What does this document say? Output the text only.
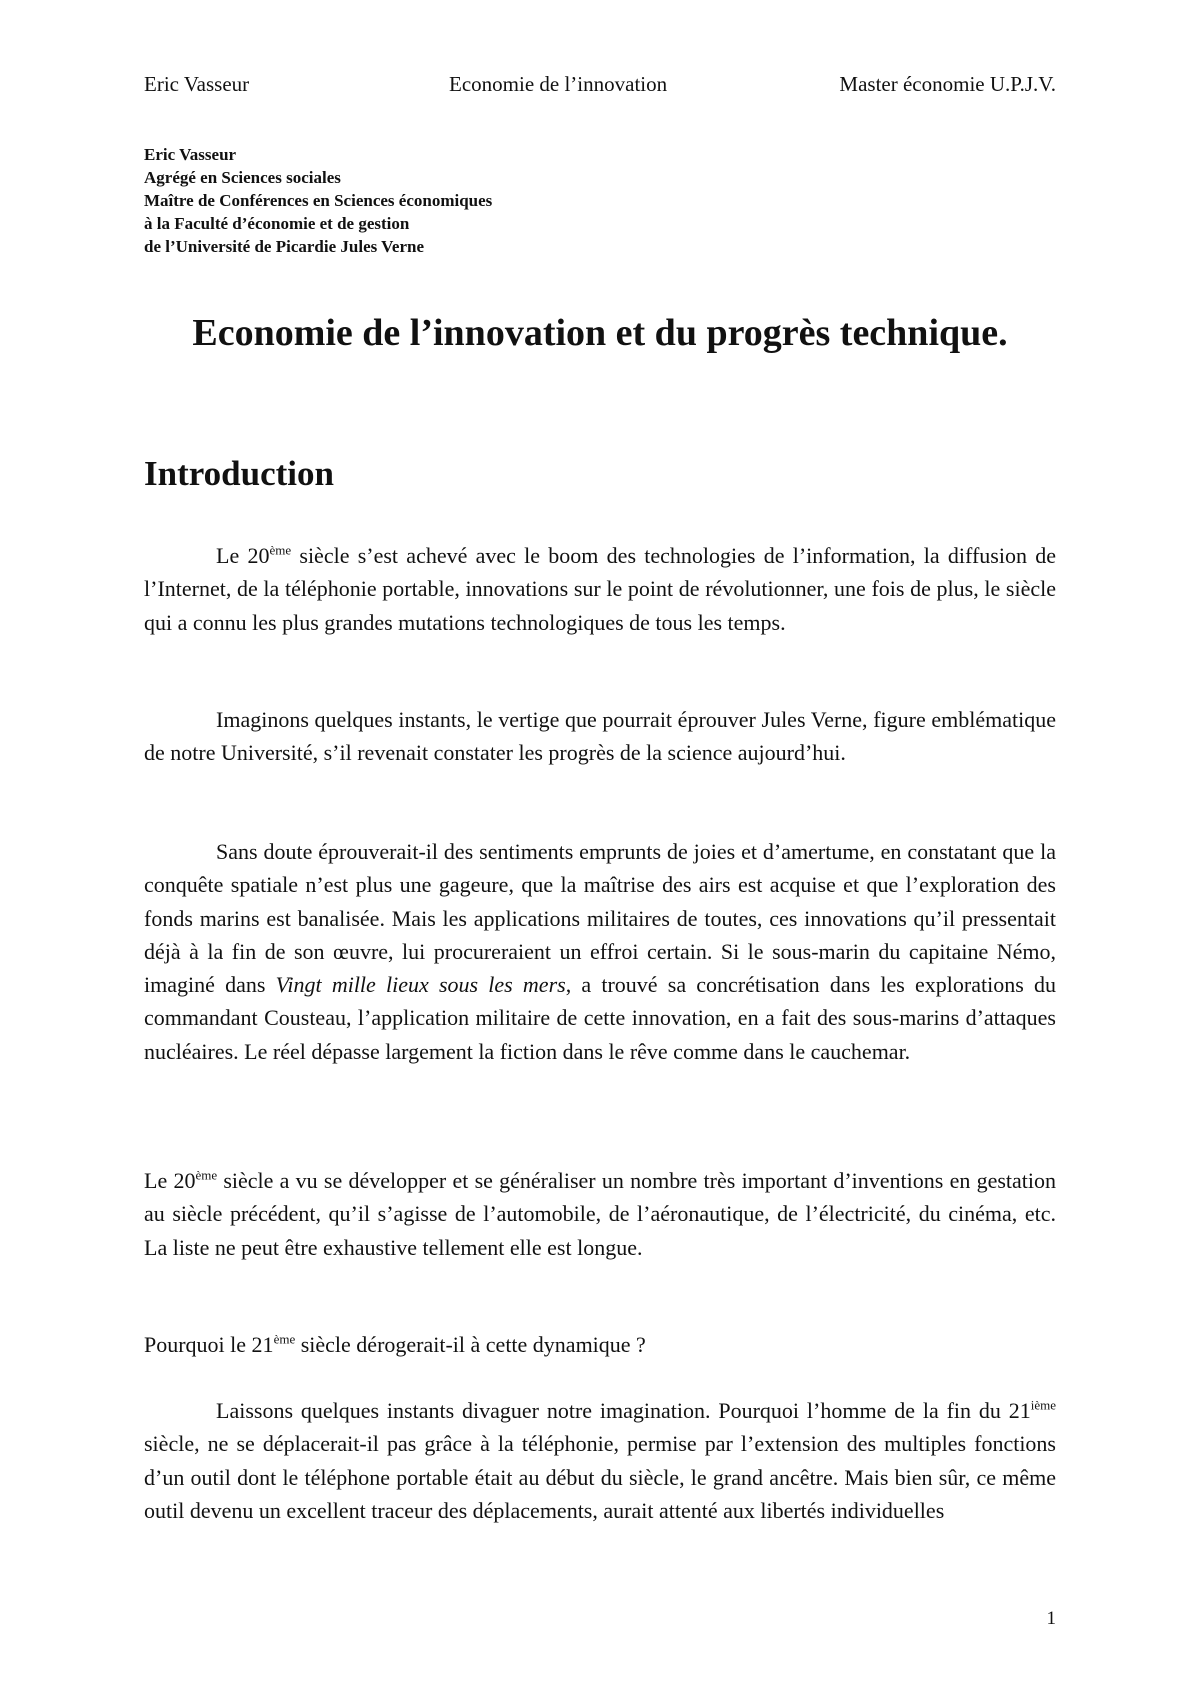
Eric Vasseur	Economie de l’innovation	Master économie U.P.J.V.
Eric Vasseur
Agrégé en Sciences sociales
Maître de Conférences en Sciences économiques
à la Faculté d’économie et de gestion
de l’Université de Picardie Jules Verne
Economie de l’innovation et du progrès technique.
Introduction

Le 20ème siècle s’est achevé avec le boom des technologies de l’information, la diffusion de l’Internet, de la téléphonie portable, innovations sur le point de révolutionner, une fois de plus, le siècle qui a connu les plus grandes mutations technologiques de tous les temps.

Imaginons quelques instants, le vertige que pourrait éprouver Jules Verne, figure emblématique de notre Université, s’il revenait constater les progrès de la science aujourd’hui.

Sans doute éprouverait-il des sentiments emprunts de joies et d’amertume, en constatant que la conquête spatiale n’est plus une gageure, que la maîtrise des airs est acquise et que l’exploration des fonds marins est banalisée. Mais les applications militaires de toutes, ces innovations qu’il pressentait déjà à la fin de son œuvre, lui procureraient un effroi certain. Si le sous-marin du capitaine Némo, imaginé dans Vingt mille lieux sous les mers, a trouvé sa concrétisation dans les explorations du commandant Cousteau, l’application militaire de cette innovation, en a fait des sous-marins d’attaques nucléaires. Le réel dépasse largement la fiction dans le rêve comme dans le cauchemar.

Le 20ème siècle a vu se développer et se généraliser un nombre très important d’inventions en gestation au siècle précédent, qu’il s’agisse de l’automobile, de l’aéronautique, de l’électricité, du cinéma, etc. La liste ne peut être exhaustive tellement elle est longue.

Pourquoi le 21ème siècle dérogerait-il à cette dynamique ?

Laissons quelques instants divaguer notre imagination. Pourquoi l’homme de la fin du 21ième siècle, ne se déplacerait-il pas grâce à la téléphonie, permise par l’extension des multiples fonctions d’un outil dont le téléphone portable était au début du siècle, le grand ancêtre. Mais bien sûr, ce même outil devenu un excellent traceur des déplacements, aurait attenté aux libertés individuelles

1
